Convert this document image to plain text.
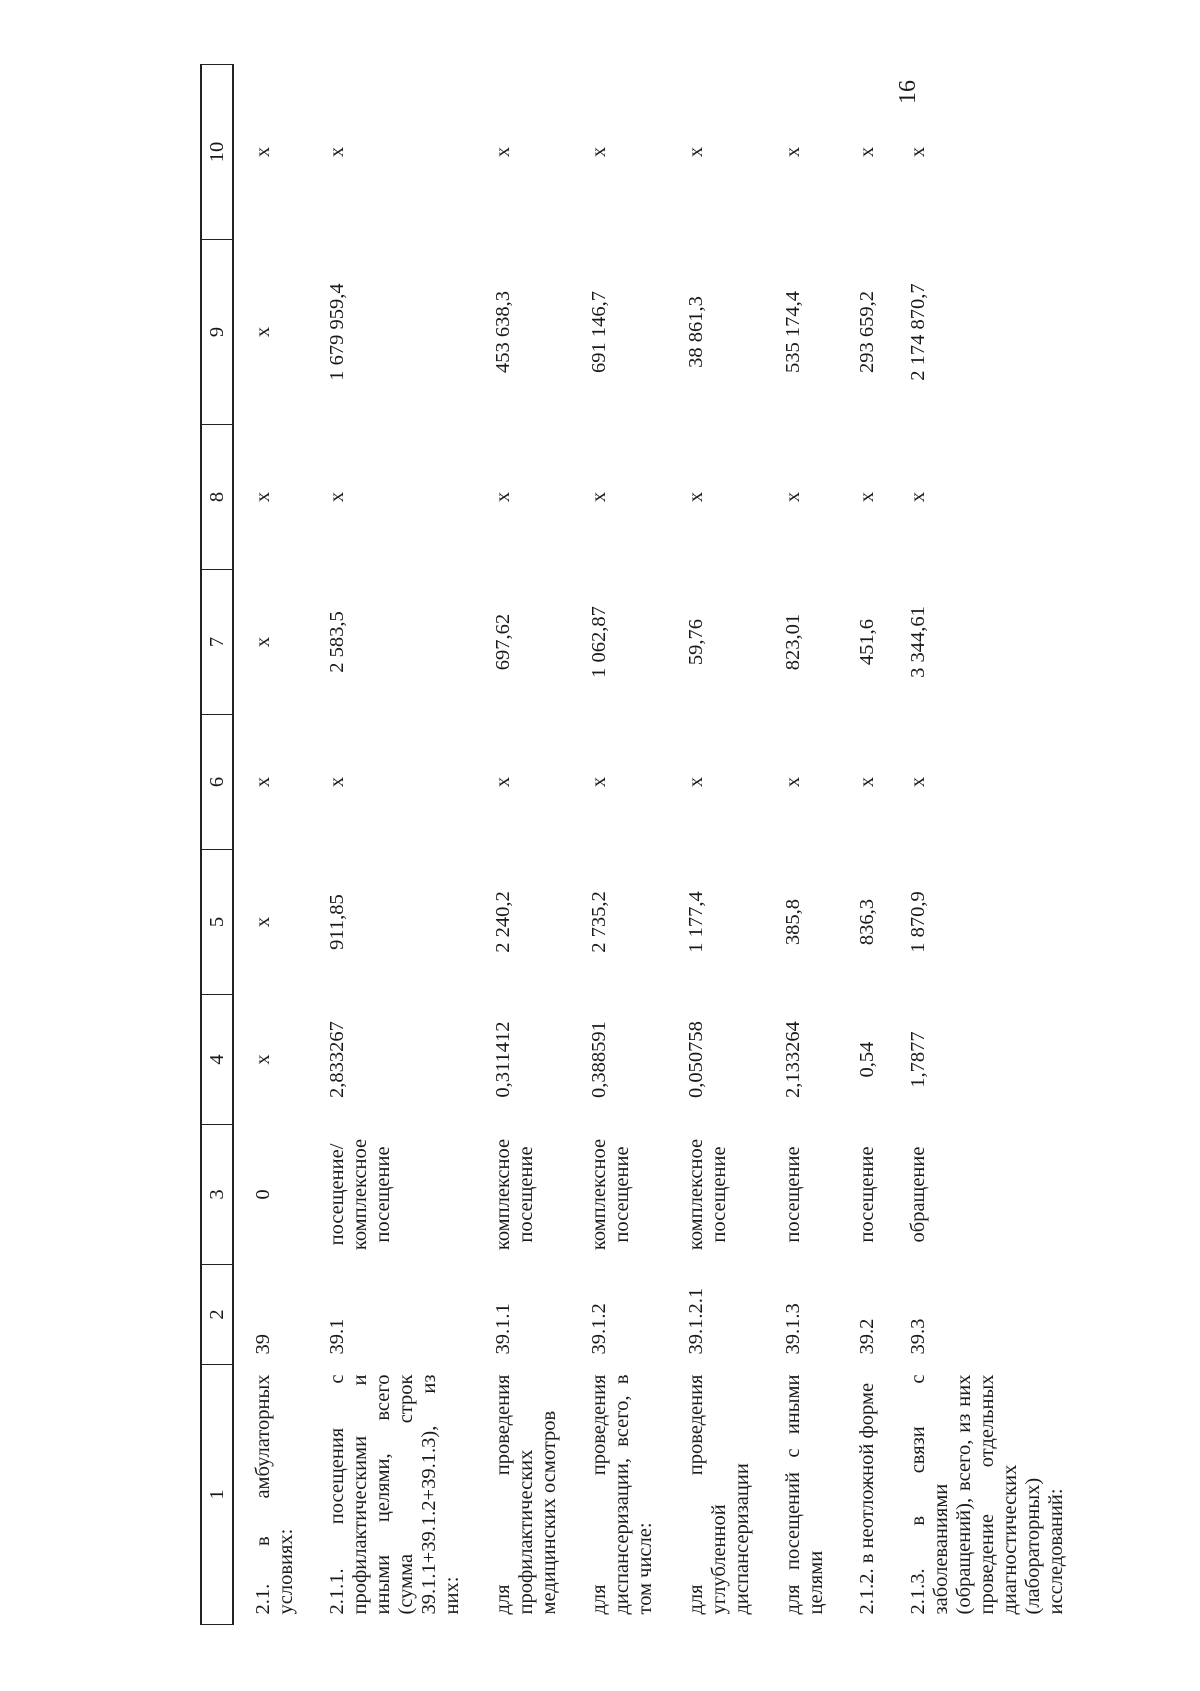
16
1	2	3	4	5	6	7	8	9	10
2.1. в амбулаторных условиях:	39	0	x	x	x	x	x	x	x
2.1.1. посещения с профилактическими и иными целями, всего (сумма строк 39.1.1+39.1.2+39.1.3), из них:	39.1	посещение/ комплексное посещение	2,833267	911,85	x	2 583,5	x	1 679 959,4	x
для проведения профилактических медицинских осмотров	39.1.1	комплексное посещение	0,311412	2 240,2	x	697,62	x	453 638,3	x
для проведения диспансеризации, всего, в том числе:	39.1.2	комплексное посещение	0,388591	2 735,2	x	1 062,87	x	691 146,7	x
для проведения углубленной диспансеризации	39.1.2.1	комплексное посещение	0,050758	1 177,4	x	59,76	x	38 861,3	x
для посещений с иными целями	39.1.3	посещение	2,133264	385,8	x	823,01	x	535 174,4	x
2.1.2. в неотложной форме	39.2	посещение	0,54	836,3	x	451,6	x	293 659,2	x
2.1.3. в связи с заболеваниями (обращений), всего, из них проведение отдельных диагностических (лабораторных) исследований:	39.3	обращение	1,7877	1 870,9	x	3 344,61	x	2 174 870,7	x
